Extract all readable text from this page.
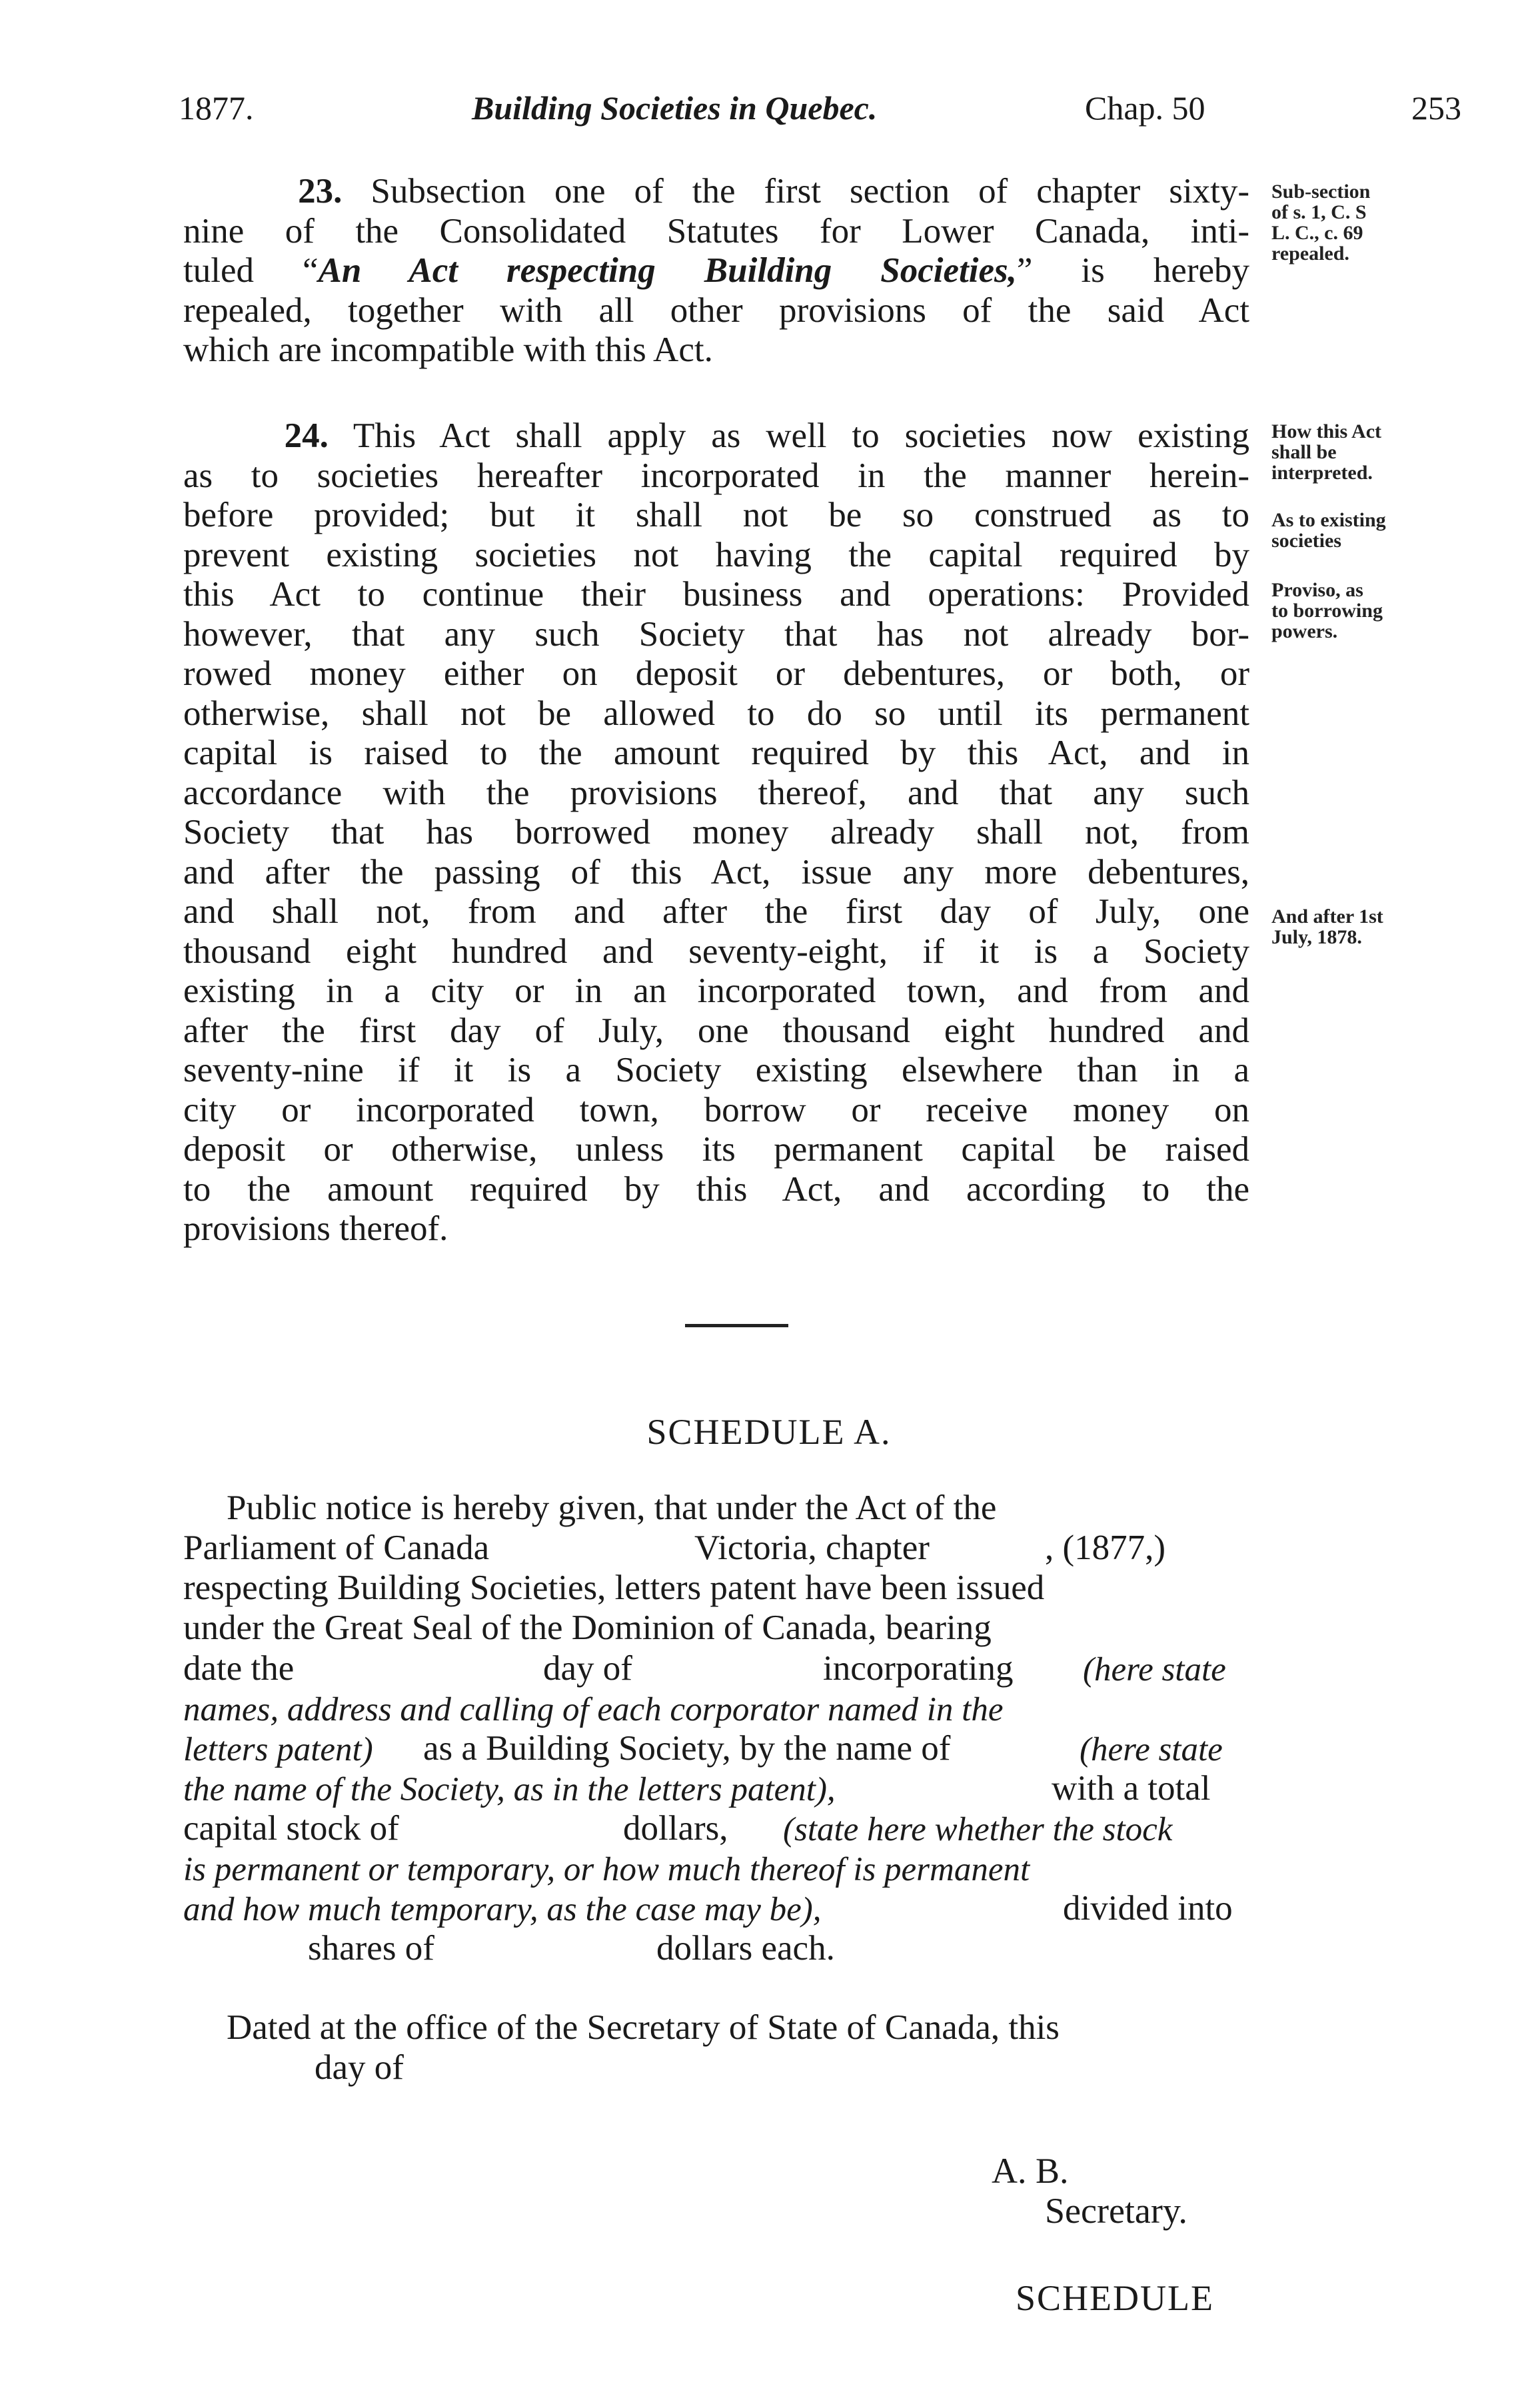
1877.	Building Societies in Quebec.	Chap. 50	253
23. Subsection one of the first section of chapter sixty-
nine of the Consolidated Statutes for Lower Canada, inti-
tuled “An Act respecting Building Societies,” is hereby
repealed, together with all other provisions of the said Act
which are incompatible with this Act.
Sub-section
of s. 1, C. S
L. C., c. 69
repealed.
24. This Act shall apply as well to societies now existing
as to societies hereafter incorporated in the manner herein-
before provided; but it shall not be so construed as to
prevent existing societies not having the capital required by
this Act to continue their business and operations: Provided
however, that any such Society that has not already bor-
rowed money either on deposit or debentures, or both, or
otherwise, shall not be allowed to do so until its permanent
capital is raised to the amount required by this Act, and in
accordance with the provisions thereof, and that any such
Society that has borrowed money already shall not, from
and after the passing of this Act, issue any more debentures,
and shall not, from and after the first day of July, one
thousand eight hundred and seventy-eight, if it is a Society
existing in a city or in an incorporated town, and from and
after the first day of July, one thousand eight hundred and
seventy-nine if it is a Society existing elsewhere than in a
city or incorporated town, borrow or receive money on
deposit or otherwise, unless its permanent capital be raised
to the amount required by this Act, and according to the
provisions thereof.
How this Act
shall be
interpreted.
As to existing
societies
Proviso, as
to borrowing
powers.
And after 1st
July, 1878.
SCHEDULE A.
Public notice is hereby given, that under the Act of the
Parliament of Canada	Victoria, chapter	, (1877,)
respecting Building Societies, letters patent have been issued
under the Great Seal of the Dominion of Canada, bearing
date the	day of	incorporating (here state
names, address and calling of each corporator named in the
letters patent) as a Building Society, by the name of	(here state
the name of the Society, as in the letters patent),	with a total
capital stock of	dollars, (state here whether the stock
is permanent or temporary, or how much thereof is permanent
and how much temporary, as the case may be),	divided into
shares of	dollars each.
Dated at the office of the Secretary of State of Canada, this
day of
A. B.
Secretary.
SCHEDULE
